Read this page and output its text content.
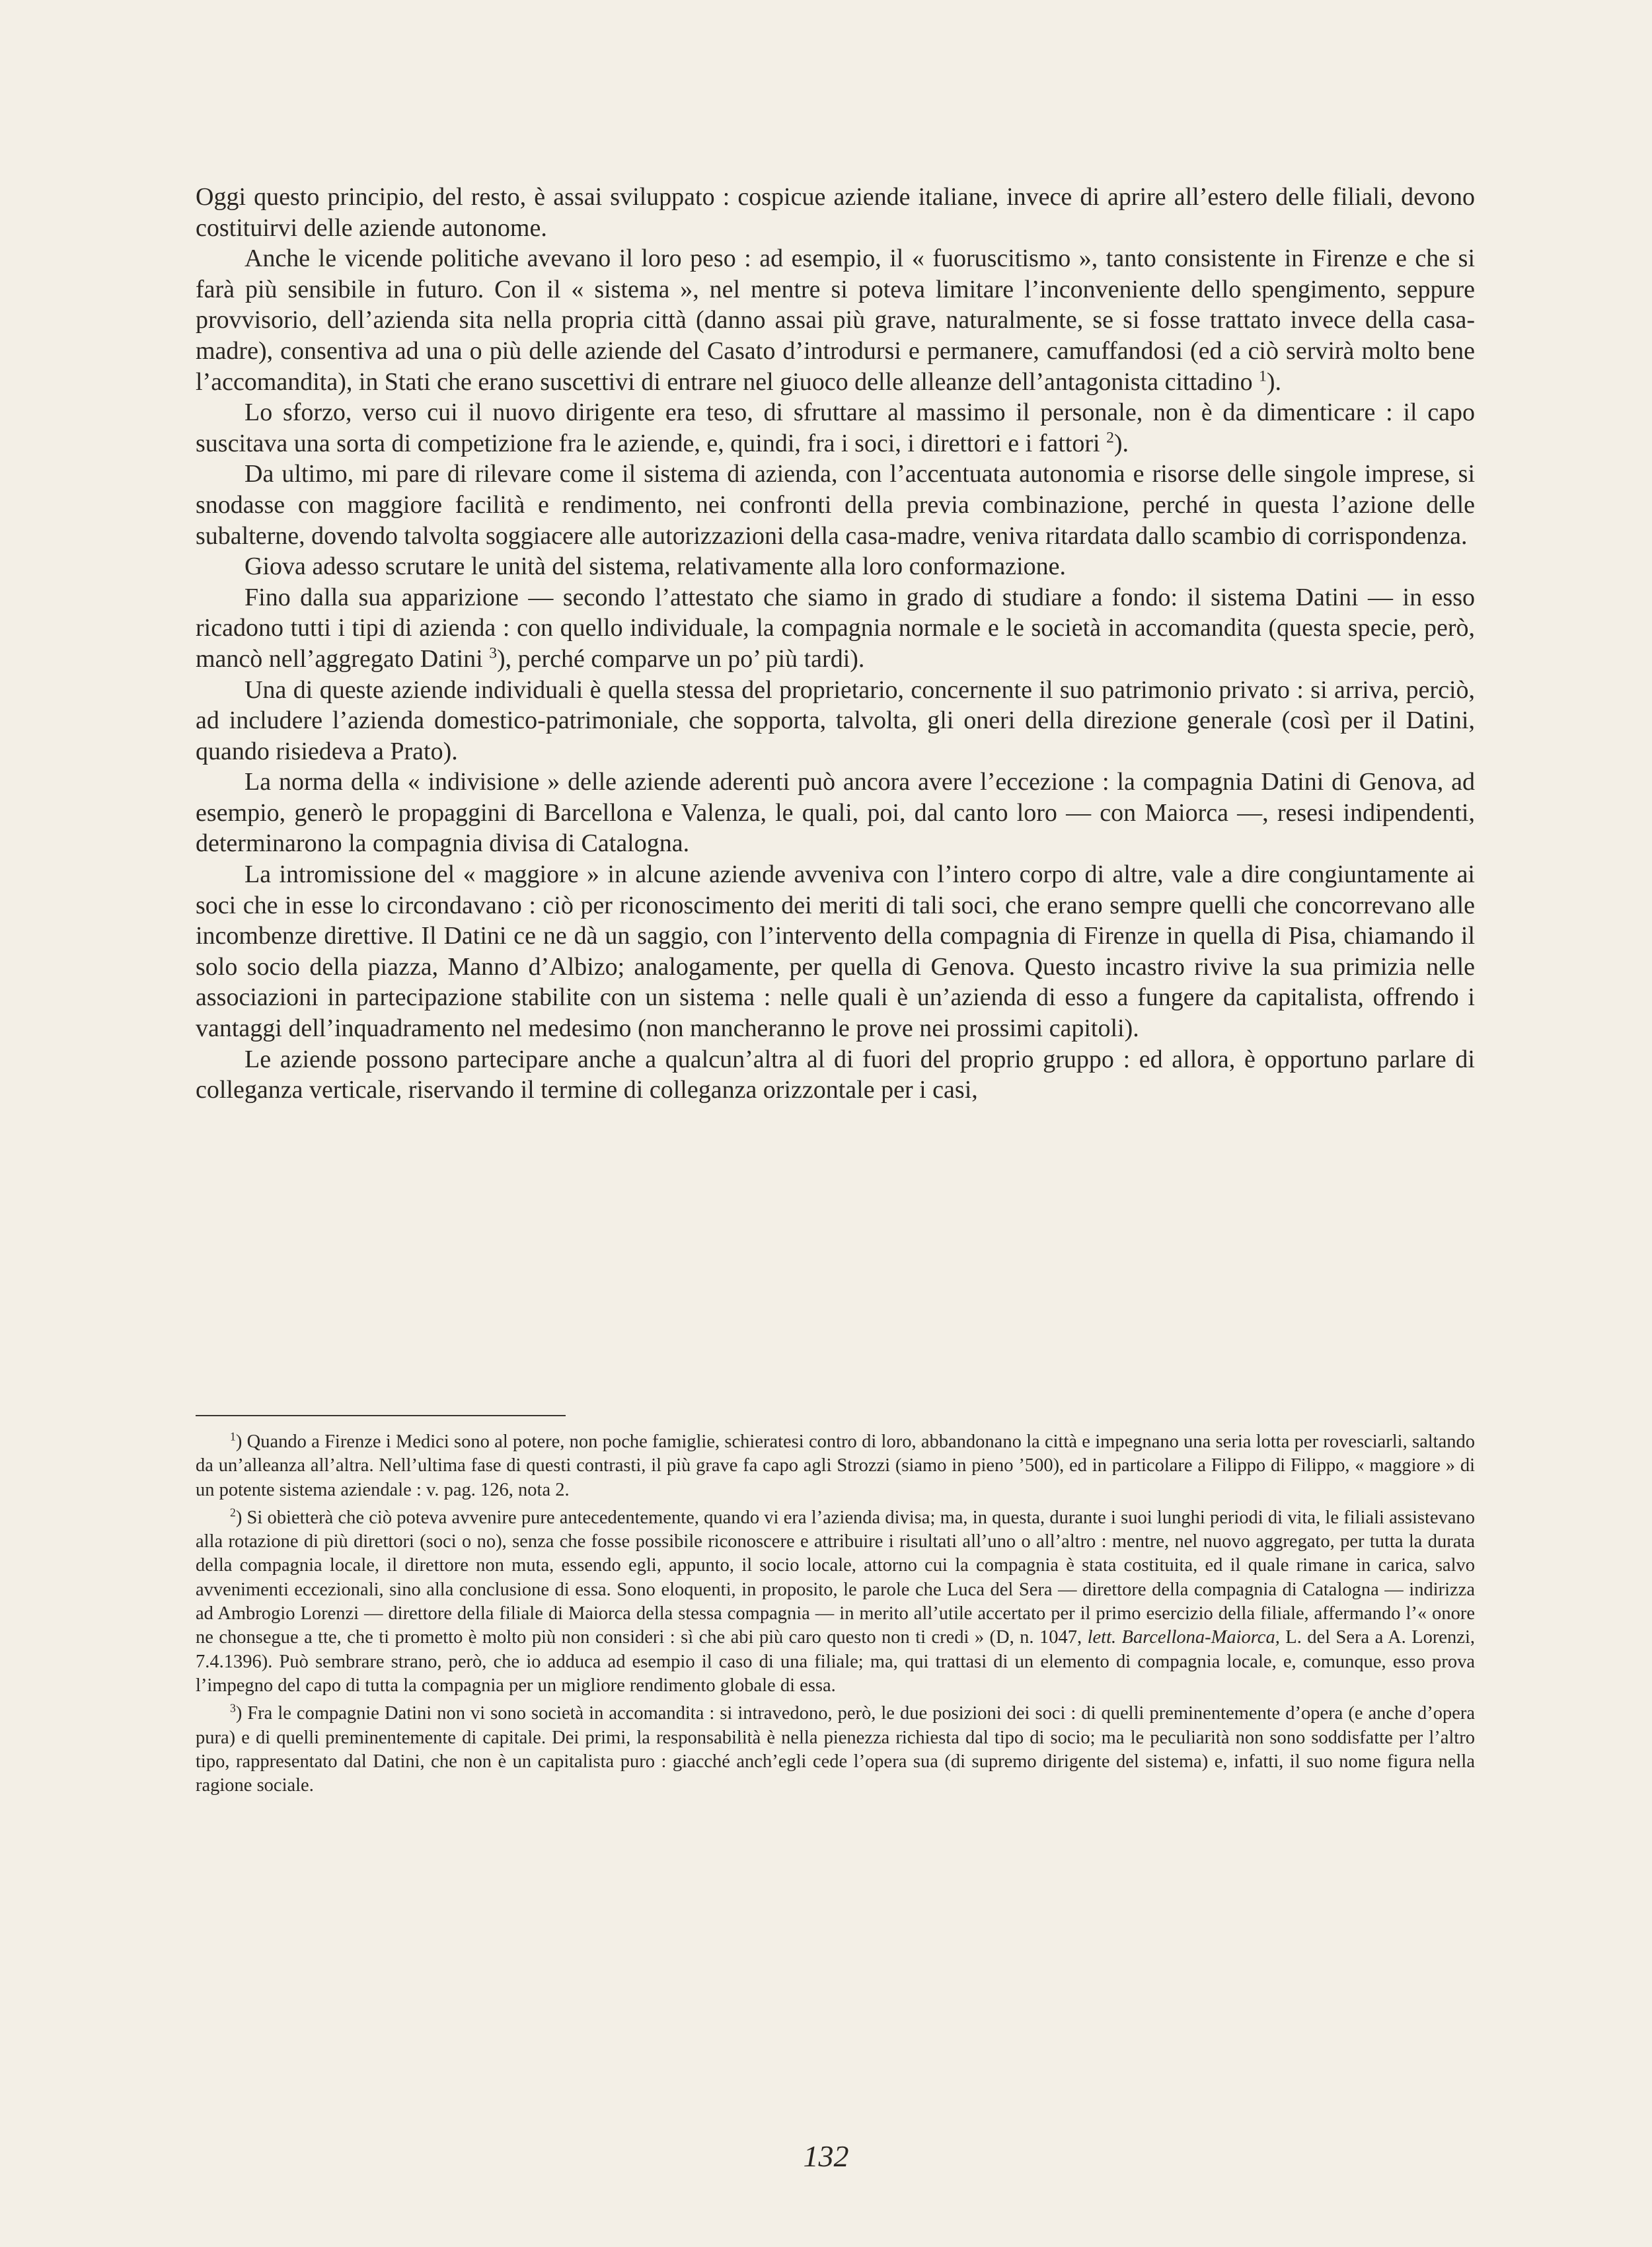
Oggi questo principio, del resto, è assai sviluppato : cospicue aziende italiane, invece di aprire all’estero delle filiali, devono costituirvi delle aziende autonome.

Anche le vicende politiche avevano il loro peso : ad esempio, il « fuoruscitismo », tanto consistente in Firenze e che si farà più sensibile in futuro. Con il « sistema », nel mentre si poteva limitare l’inconveniente dello spengimento, seppure provvisorio, dell’azienda sita nella propria città (danno assai più grave, naturalmente, se si fosse trattato invece della casa-madre), consentiva ad una o più delle aziende del Casato d’introdursi e permanere, camuffandosi (ed a ciò servirà molto bene l’accomandita), in Stati che erano suscettivi di entrare nel giuoco delle alleanze dell’antagonista cittadino $^1$).

Lo sforzo, verso cui il nuovo dirigente era teso, di sfruttare al massimo il personale, non è da dimenticare : il capo suscitava una sorta di competizione fra le aziende, e, quindi, fra i soci, i direttori e i fattori $^2$).

Da ultimo, mi pare di rilevare come il sistema di azienda, con l’accentuata autonomia e risorse delle singole imprese, si snodasse con maggiore facilità e rendimento, nei confronti della previa combinazione, perché in questa l’azione delle subalterne, dovendo talvolta soggiacere alle autorizzazioni della casa-madre, veniva ritardata dallo scambio di corrispondenza.

Giova adesso scrutare le unità del sistema, relativamente alla loro conformazione.

Fino dalla sua apparizione — secondo l’attestato che siamo in grado di studiare a fondo: il sistema Datini — in esso ricadono tutti i tipi di azienda : con quello individuale, la compagnia normale e le società in accomandita (questa specie, però, mancò nell’aggregato Datini $^3$), perché comparve un po’ più tardi).

Una di queste aziende individuali è quella stessa del proprietario, concernente il suo patrimonio privato : si arriva, perciò, ad includere l’azienda domestico-patrimoniale, che sopporta, talvolta, gli oneri della direzione generale (così per il Datini, quando risiedeva a Prato).

La norma della « indivisione » delle aziende aderenti può ancora avere l’eccezione : la compagnia Datini di Genova, ad esempio, generò le propaggini di Barcellona e Valenza, le quali, poi, dal canto loro — con Maiorca —, resesi indipendenti, determinarono la compagnia divisa di Catalogna.

La intromissione del « maggiore » in alcune aziende avveniva con l’intero corpo di altre, vale a dire congiuntamente ai soci che in esse lo circondavano : ciò per riconoscimento dei meriti di tali soci, che erano sempre quelli che concorrevano alle incombenze direttive. Il Datini ce ne dà un saggio, con l’intervento della compagnia di Firenze in quella di Pisa, chiamando il solo socio della piazza, Manno d’Albizo; analogamente, per quella di Genova. Questo incastro rivive la sua primizia nelle associazioni in partecipazione stabilite con un sistema : nelle quali è un’azienda di esso a fungere da capitalista, offrendo i vantaggi dell’inquadramento nel medesimo (non mancheranno le prove nei prossimi capitoli).

Le aziende possono partecipare anche a qualcun’altra al di fuori del proprio gruppo : ed allora, è opportuno parlare di colleganza verticale, riservando il termine di colleganza orizzontale per i casi,

$^1$) Quando a Firenze i Medici sono al potere, non poche famiglie, schieratesi contro di loro, abbandonano la città e impegnano una seria lotta per rovesciarli, saltando da un’alleanza all’altra. Nell’ultima fase di questi contrasti, il più grave fa capo agli Strozzi (siamo in pieno ’500), ed in particolare a Filippo di Filippo, « maggiore » di un potente sistema aziendale : v. pag. 126, nota 2.

$^2$) Si obietterà che ciò poteva avvenire pure antecedentemente, quando vi era l’azienda divisa; ma, in questa, durante i suoi lunghi periodi di vita, le filiali assistevano alla rotazione di più direttori (soci o no), senza che fosse possibile riconoscere e attribuire i risultati all’uno o all’altro : mentre, nel nuovo aggregato, per tutta la durata della compagnia locale, il direttore non muta, essendo egli, appunto, il socio locale, attorno cui la compagnia è stata costituita, ed il quale rimane in carica, salvo avvenimenti eccezionali, sino alla conclusione di essa. Sono eloquenti, in proposito, le parole che Luca del Sera — direttore della compagnia di Catalogna — indirizza ad Ambrogio Lorenzi — direttore della filiale di Maiorca della stessa compagnia — in merito all’utile accertato per il primo esercizio della filiale, affermando l’« onore ne chonsegue a tte, che ti prometto è molto più non consideri : sì che abi più caro questo non ti credi » (D, n. 1047, lett. Barcellona-Maiorca, L. del Sera a A. Lorenzi, 7.4.1396). Può sembrare strano, però, che io adduca ad esempio il caso di una filiale; ma, qui trattasi di un elemento di compagnia locale, e, comunque, esso prova l’impegno del capo di tutta la compagnia per un migliore rendimento globale di essa.

$^3$) Fra le compagnie Datini non vi sono società in accomandita : si intravedono, però, le due posizioni dei soci : di quelli preminentemente d’opera (e anche d’opera pura) e di quelli preminentemente di capitale. Dei primi, la responsabilità è nella pienezza richiesta dal tipo di socio; ma le peculiarità non sono soddisfatte per l’altro tipo, rappresentato dal Datini, che non è un capitalista puro : giacché anch’egli cede l’opera sua (di supremo dirigente del sistema) e, infatti, il suo nome figura nella ragione sociale.

132
